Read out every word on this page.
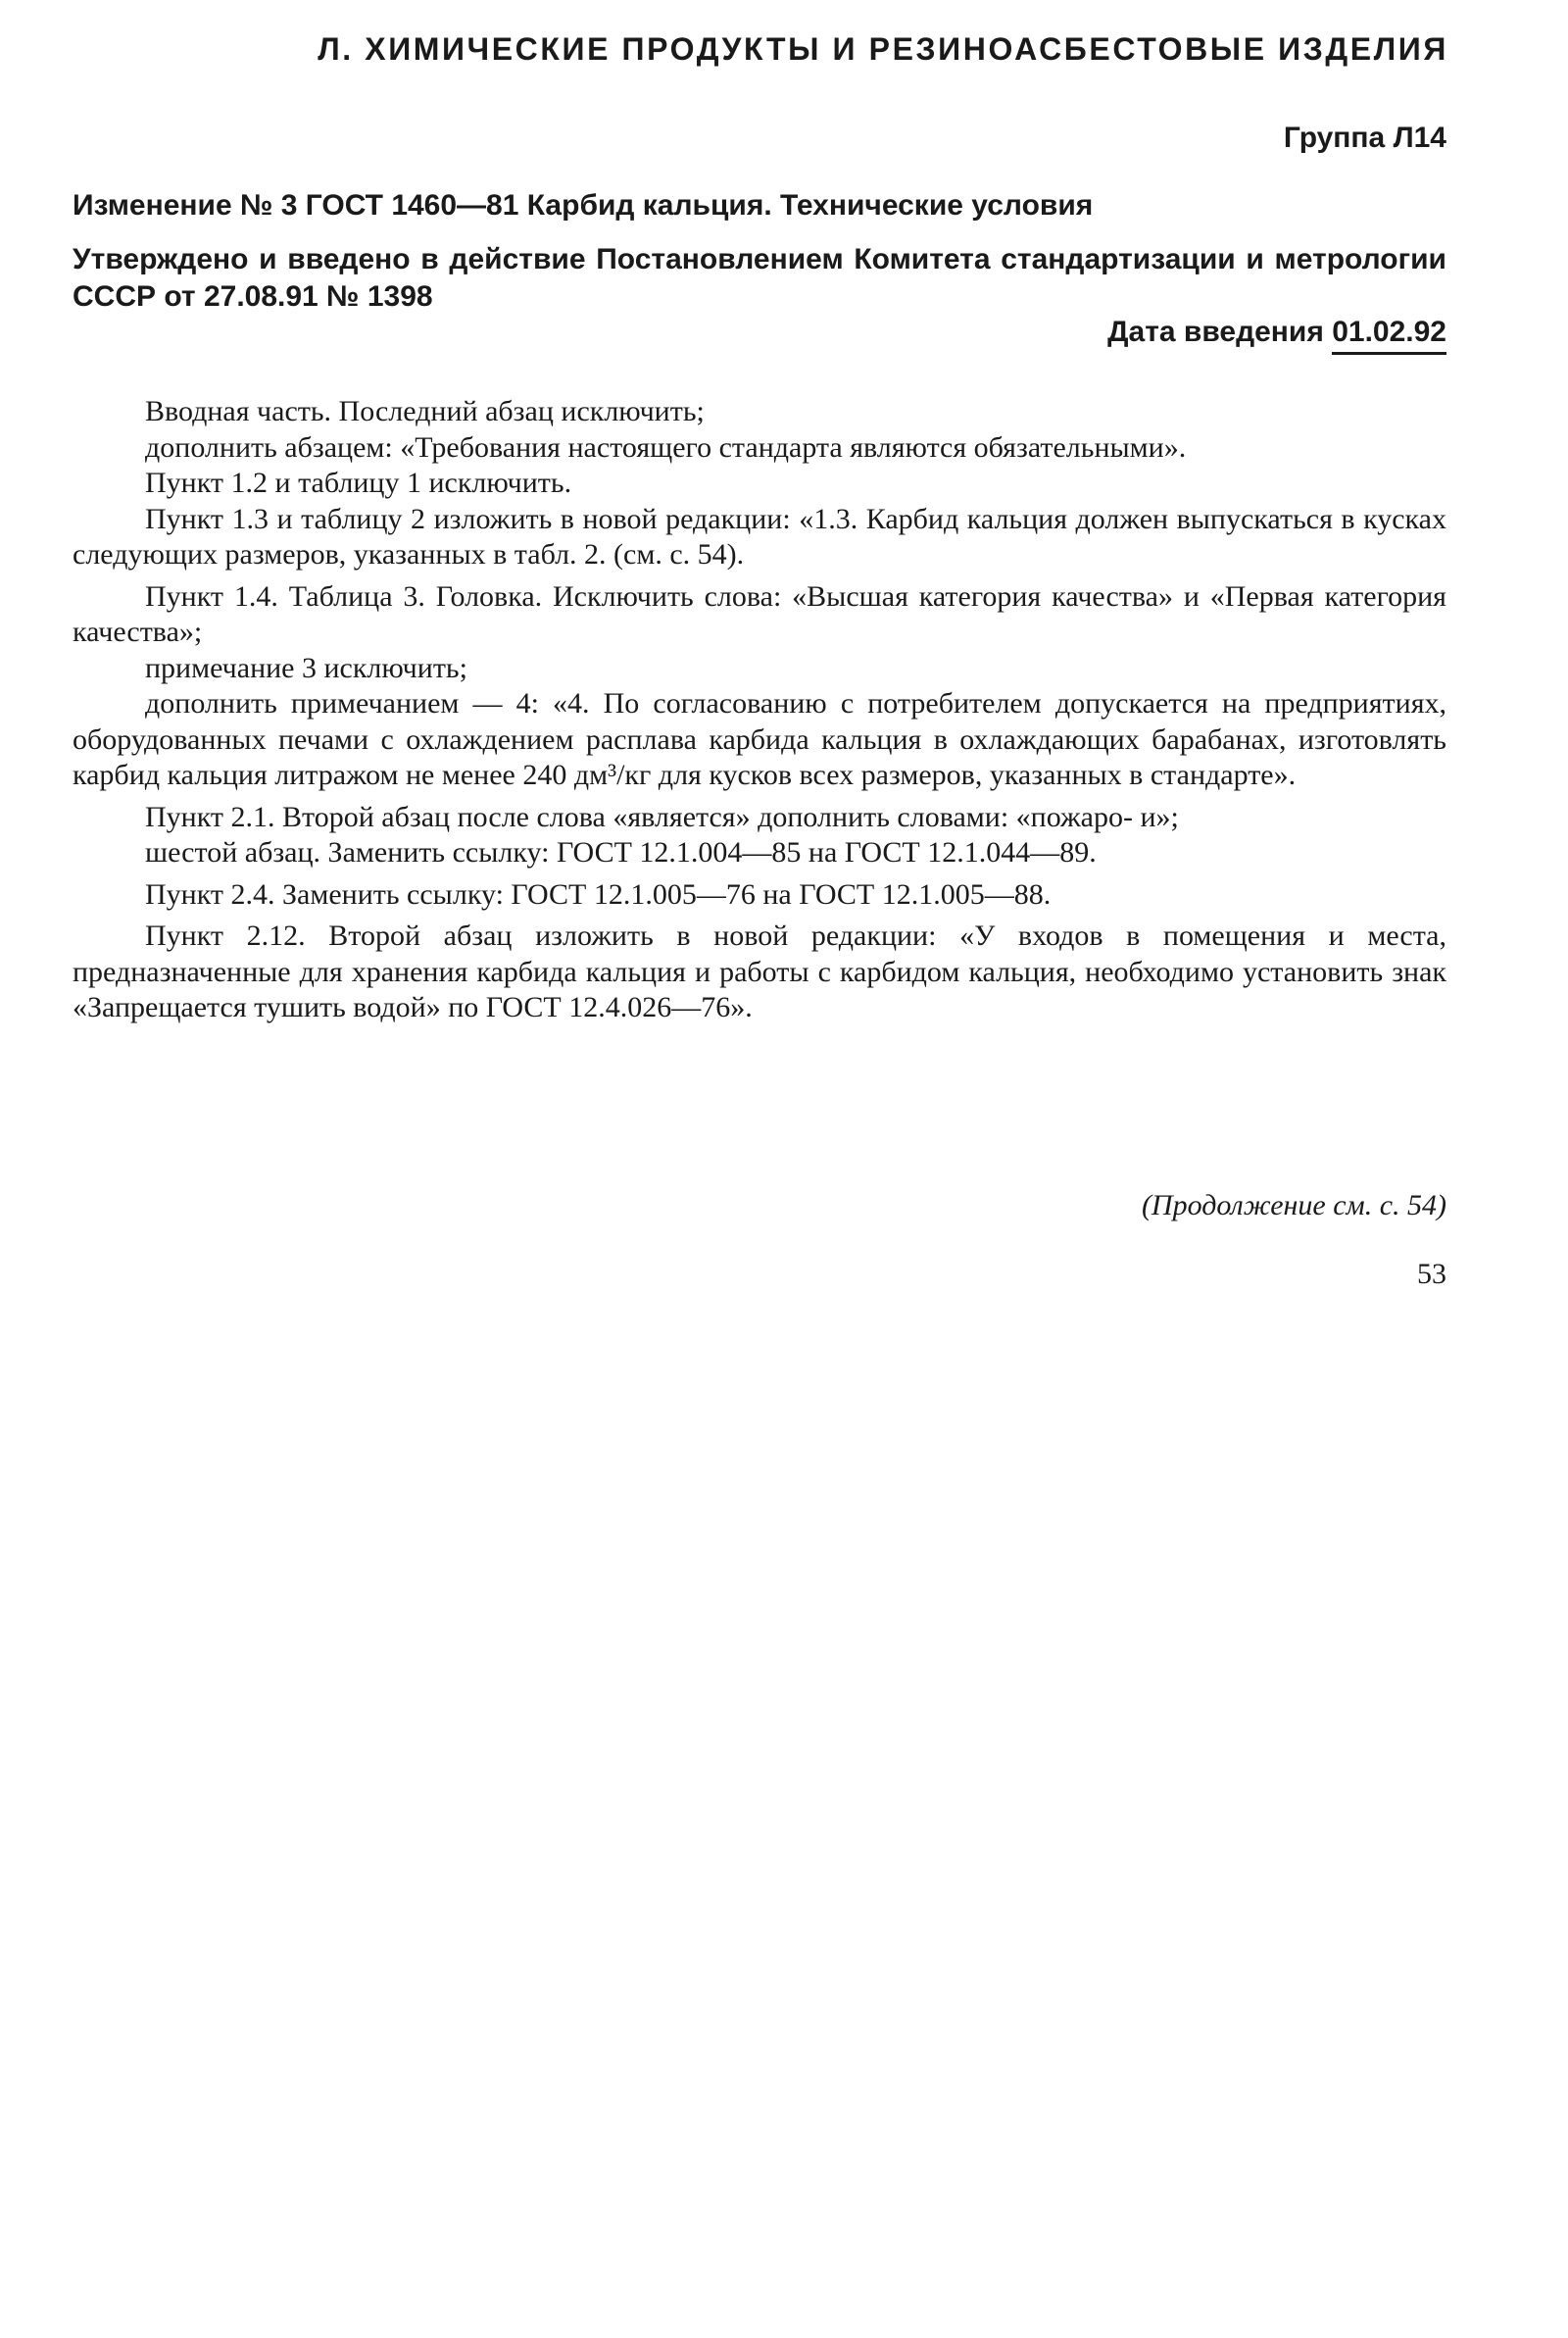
Л. ХИМИЧЕСКИЕ ПРОДУКТЫ И РЕЗИНОАСБЕСТОВЫЕ ИЗДЕЛИЯ
Группа Л14
Изменение № 3 ГОСТ 1460—81 Карбид кальция. Технические условия
Утверждено и введено в действие Постановлением Комитета стандартизации и метрологии СССР от 27.08.91 № 1398
Дата введения 01.02.92

Вводная часть. Последний абзац исключить;

дополнить абзацем: «Требования настоящего стандарта являются обязательными».

Пункт 1.2 и таблицу 1 исключить.

Пункт 1.3 и таблицу 2 изложить в новой редакции: «1.3. Карбид кальция должен выпускаться в кусках следующих размеров, указанных в табл. 2. (см. с. 54).

Пункт 1.4. Таблица 3. Головка. Исключить слова: «Высшая категория качества» и «Первая категория качества»;

примечание 3 исключить;

дополнить примечанием — 4: «4. По согласованию с потребителем допускается на предприятиях, оборудованных печами с охлаждением расплава карбида кальция в охлаждающих барабанах, изготовлять карбид кальция литражом не менее 240 дм³/кг для кусков всех размеров, указанных в стандарте».

Пункт 2.1. Второй абзац после слова «является» дополнить словами: «пожаро- и»;

шестой абзац. Заменить ссылку: ГОСТ 12.1.004—85 на ГОСТ 12.1.044—89.

Пункт 2.4. Заменить ссылку: ГОСТ 12.1.005—76 на ГОСТ 12.1.005—88.

Пункт 2.12. Второй абзац изложить в новой редакции: «У входов в помещения и места, предназначенные для хранения карбида кальция и работы с карбидом кальция, необходимо установить знак «Запрещается тушить водой» по ГОСТ 12.4.026—76».

(Продолжение см. с. 54)
53
